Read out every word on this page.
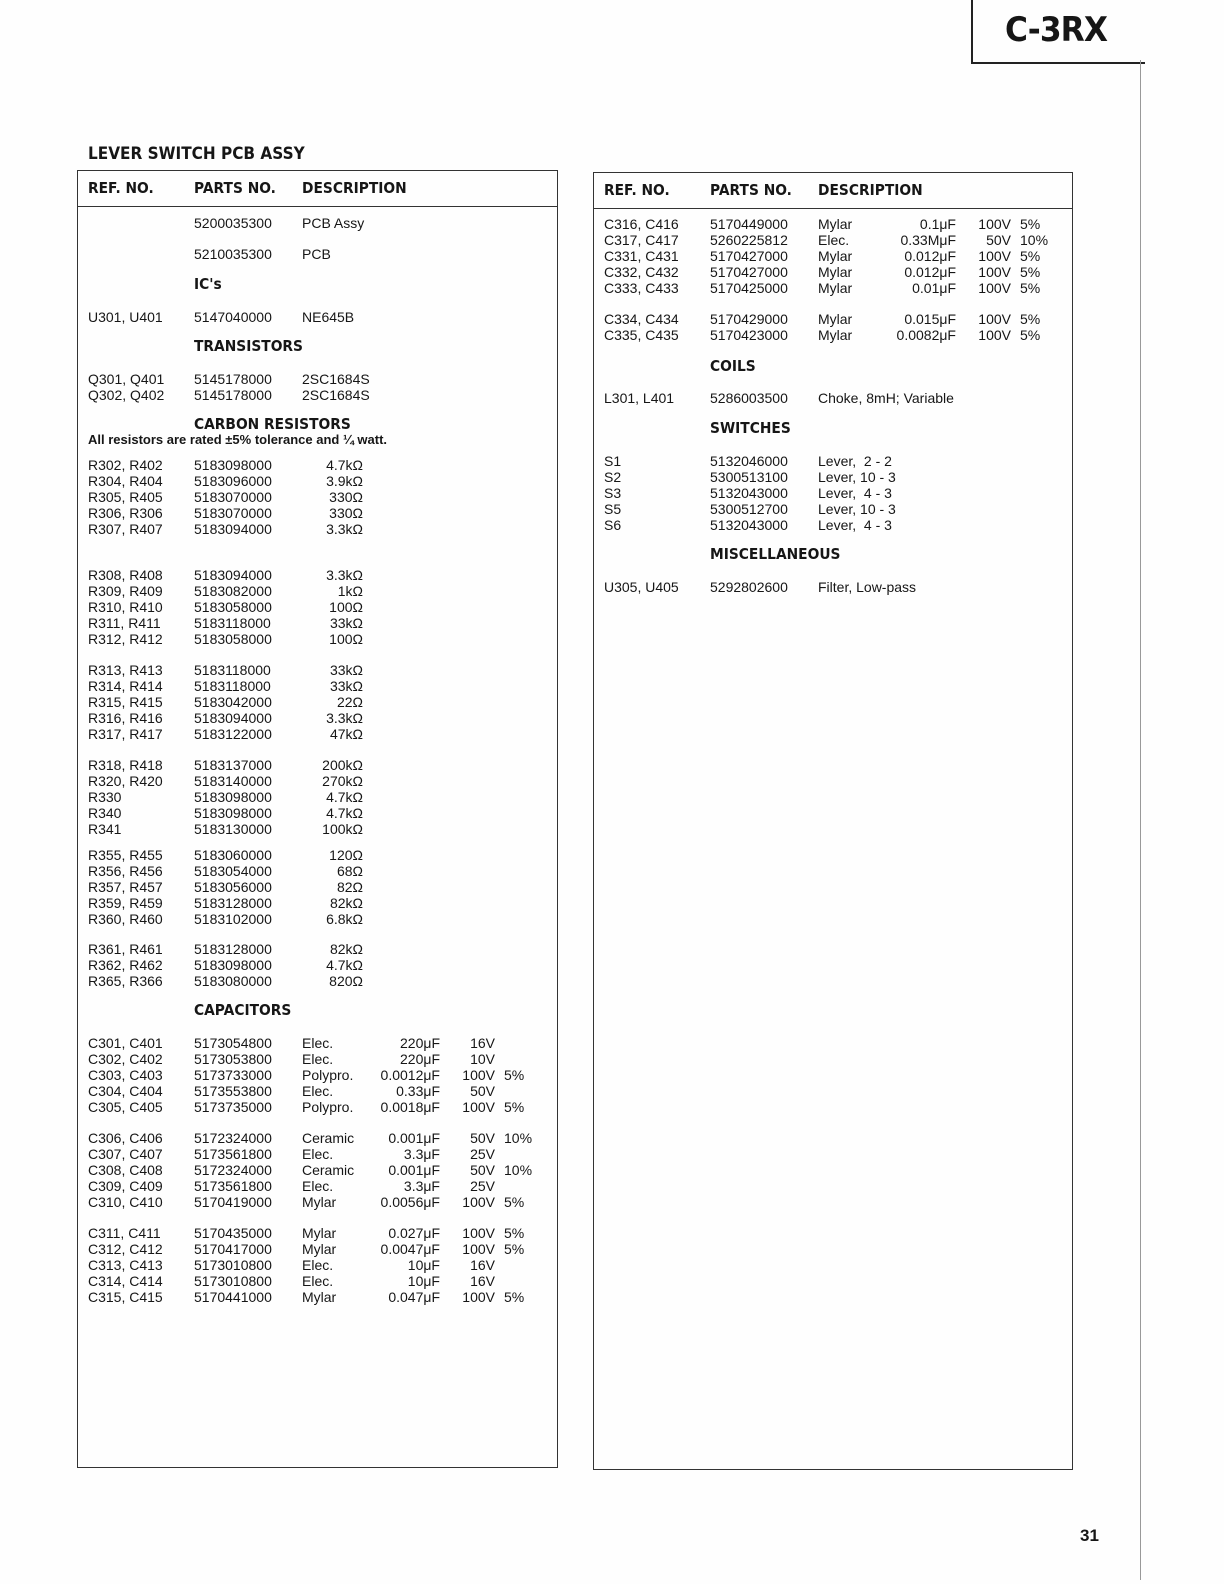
C-3RX
LEVER SWITCH PCB ASSY
REF. NO.	PARTS NO. DESCRIPTION
5200035300 PCB Assy
5210035300 PCB
IC's
U301, U401 5147040000 NE645B
TRANSISTORS
Q301, Q401 5145178000 2SC1684S
Q302, Q402 5145178000 2SC1684S
CARBON RESISTORS
All resistors are rated ±5% tolerance and ¼ watt.
R302, R402 5183098000	4.7kΩ
R304, R404 5183096000	3.9kΩ
R305, R405 5183070000	330Ω
R306, R306 5183070000	330Ω
R307, R407 5183094000	3.3kΩ
R308, R408 5183094000	3.3kΩ
R309, R409 5183082000	1kΩ
R310, R410 5183058000	100Ω
R311, R411 5183118000	33kΩ
R312, R412 5183058000	100Ω
R313, R413 5183118000	33kΩ
R314, R414 5183118000	33kΩ
R315, R415 5183042000	22Ω
R316, R416 5183094000	3.3kΩ
R317, R417 5183122000	47kΩ
R318, R418 5183137000	200kΩ
R320, R420 5183140000	270kΩ
R330	5183098000	4.7kΩ
R340	5183098000	4.7kΩ
R341	5183130000	100kΩ
R355, R455 5183060000	120Ω
R356, R456 5183054000	68Ω
R357, R457 5183056000	82Ω
R359, R459 5183128000	82kΩ
R360, R460 5183102000	6.8kΩ
R361, R461 5183128000	82kΩ
R362, R462 5183098000	4.7kΩ
R365, R366 5183080000	820Ω
CAPACITORS
C301, C401 5173054800 Elec.	220μF	16V
C302, C402 5173053800 Elec.	220μF	10V
C303, C403 5173733000 Polypro.	0.0012μF	100V 5%
C304, C404 5173553800 Elec.	0.33μF	50V
C305, C405 5173735000 Polypro.	0.0018μF	100V 5%
C306, C406 5172324000 Ceramic	0.001μF	50V 10%
C307, C407 5173561800 Elec.	3.3μF	25V
C308, C408 5172324000 Ceramic	0.001μF	50V 10%
C309, C409 5173561800 Elec.	3.3μF	25V
C310, C410 5170419000 Mylar	0.0056μF	100V 5%
C311, C411 5170435000 Mylar	0.027μF	100V 5%
C312, C412 5170417000 Mylar	0.0047μF	100V 5%
C313, C413 5173010800 Elec.	10μF	16V
C314, C414 5173010800 Elec.	10μF	16V
C315, C415 5170441000 Mylar	0.047μF	100V 5%
REF. NO.	PARTS NO. DESCRIPTION
C316, C416 5170449000 Mylar	0.1μF	100V 5%
C317, C417 5260225812 Elec.	0.33MμF	50V 10%
C331, C431 5170427000 Mylar	0.012μF	100V 5%
C332, C432 5170427000 Mylar	0.012μF	100V 5%
C333, C433 5170425000 Mylar	0.01μF	100V 5%
C334, C434 5170429000 Mylar	0.015μF	100V 5%
C335, C435 5170423000 Mylar	0.0082μF	100V 5%
COILS
L301, L401	5286003500 Choke, 8mH; Variable
SWITCHES
S1	5132046000 Lever,  2 - 2
S2	5300513100 Lever, 10 - 3
S3	5132043000 Lever,  4 - 3
S5	5300512700 Lever, 10 - 3
S6	5132043000 Lever,  4 - 3
MISCELLANEOUS
U305, U405 5292802600 Filter, Low-pass
31
